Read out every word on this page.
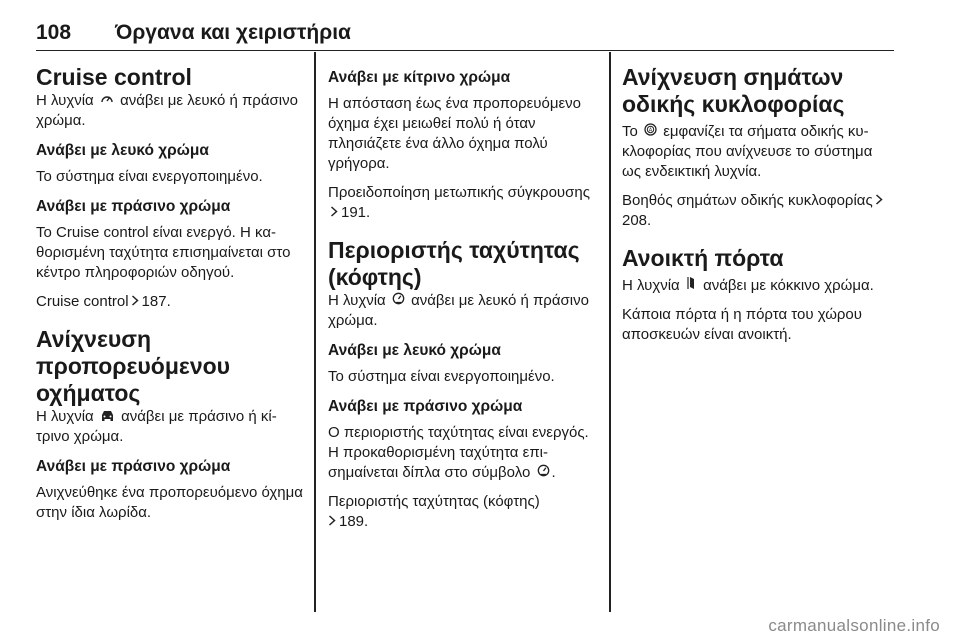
108 Όργανα και χειριστήρια
Cruise control

Η λυχνία ανάβει με λευκό ή πράσινο χρώμα.

Ανάβει με λευκό χρώμα

Το σύστημα είναι ενεργοποιημένο.

Ανάβει με πράσινο χρώμα

Το Cruise control είναι ενεργό. Η καθορισμένη ταχύτητα επισημαίνεται στο κέντρο πληροφοριών οδηγού.

Cruise control 187.

Ανίχνευση
προπορευόμενου οχήματος

Η λυχνία ανάβει με πράσινο ή κίτρινο χρώμα.

Ανάβει με πράσινο χρώμα

Ανιχνεύθηκε ένα προπορευόμενο όχημα στην ίδια λωρίδα.

Ανάβει με κίτρινο χρώμα

Η απόσταση έως ένα προπορευόμενο όχημα έχει μειωθεί πολύ ή όταν πλησιάζετε ένα άλλο όχημα πολύ γρήγορα.

Προειδοποίηση μετωπικής σύγκρουσης191.

Περιοριστής ταχύτητας
(κόφτης)

Η λυχνία ανάβει με λευκό ή πράσινο χρώμα.

Ανάβει με λευκό χρώμα

Το σύστημα είναι ενεργοποιημένο.

Ανάβει με πράσινο χρώμα

Ο περιοριστής ταχύτητας είναι ενεργός. Η προκαθορισμένη ταχύτητα επισημαίνεται δίπλα στο σύμβολο .

Περιοριστής ταχύτητας (κόφτης)
189.

Ανίχνευση σημάτων οδικής κυκλοφορίας

Το A εμφανίζει τα σήματα οδικής κυκλοφορίας που ανίχνευσε το σύστημα ως ενδεικτική λυχνία.

Βοηθός σημάτων οδικής κυκλοφορίας208.

Ανοικτή πόρτα

Η λυχνία ανάβει με κόκκινο χρώμα.

Κάποια πόρτα ή η πόρτα του χώρου αποσκευών είναι ανοικτή.

carmanualsonline.info
